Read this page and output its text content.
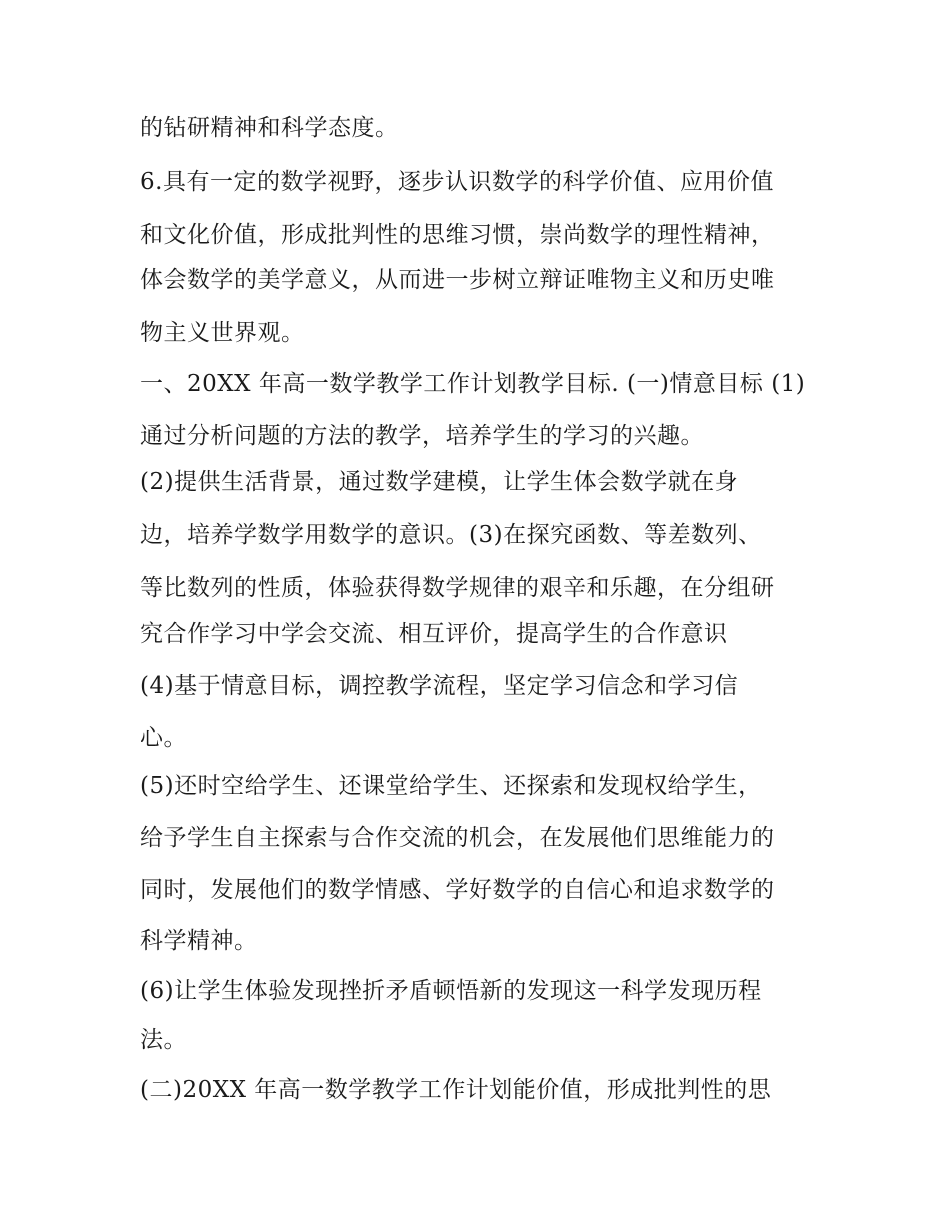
的钻研精神和科学态度。
6.具有一定的数学视野，逐步认识数学的科学价值、应用价值
和文化价值，形成批判性的思维习惯，崇尚数学的理性精神，
体会数学的美学意义，从而进一步树立辩证唯物主义和历史唯
物主义世界观。
一、20XX 年高一数学教学工作计划教学目标. (一)情意目标 (1)
通过分析问题的方法的教学，培养学生的学习的兴趣。
(2)提供生活背景，通过数学建模，让学生体会数学就在身
边，培养学数学用数学的意识。(3)在探究函数、等差数列、
等比数列的性质，体验获得数学规律的艰辛和乐趣，在分组研
究合作学习中学会交流、相互评价，提高学生的合作意识
(4)基于情意目标，调控教学流程，坚定学习信念和学习信
心。
(5)还时空给学生、还课堂给学生、还探索和发现权给学生，
给予学生自主探索与合作交流的机会，在发展他们思维能力的
同时，发展他们的数学情感、学好数学的自信心和追求数学的
科学精神。
(6)让学生体验发现挫折矛盾顿悟新的发现这一科学发现历程
法。
(二)20XX 年高一数学教学工作计划能价值，形成批判性的思
